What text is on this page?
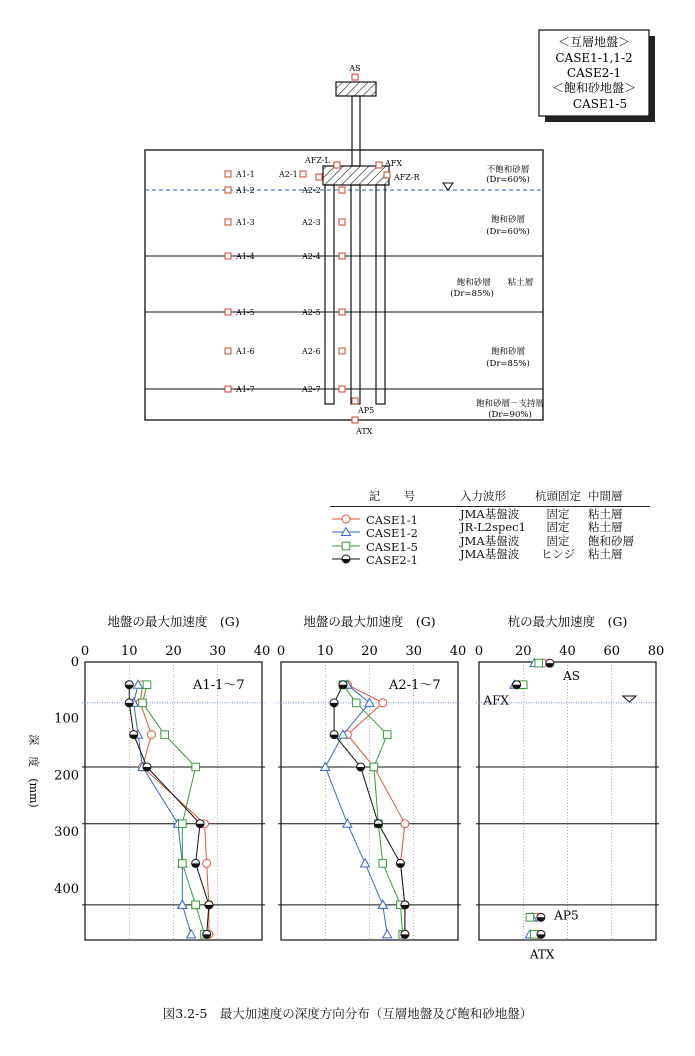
＜互層地盤＞
CASE1-1,1-2
CASE2-1
＜飽和砂地盤＞
CASE1-5
AS
AFZ-L	AFX
AFZ-R
AP5
ATX
A1-1
A1-2
A1-3
A1-4
A1-5
A1-6
A1-7
A2-1
A2-2
A2-3
A2-4
A2-5
A2-6
A2-7
不飽和砂層
(Dr=60%)
飽和砂層
(Dr=60%)
飽和砂層　　粘土層
(Dr=85%)
飽和砂層
(Dr=85%)
飽和砂層－支持層
(Dr=90%)
記　号	入力波形	杭頭固定 中間層
CASE1-1	JMA基盤波	固定	粘土層
CASE1-2	JR-L2spec1	固定	粘土層
CASE1-5	JMA基盤波	固定	飽和砂層
CASE2-1	JMA基盤波	ヒンジ	粘土層
地盤の最大加速度　(G)
0 10 20 30 40
0
100
200
300
400
深　度　(mm)
A1-1～7
地盤の最大加速度　(G)
0 10 20 30 40
A2-1～7
杭の最大加速度　(G)
0 20 40 60 80
AS
AFX
AP5
ATX
図3.2-5　最大加速度の深度方向分布（互層地盤及び飽和砂地盤）
